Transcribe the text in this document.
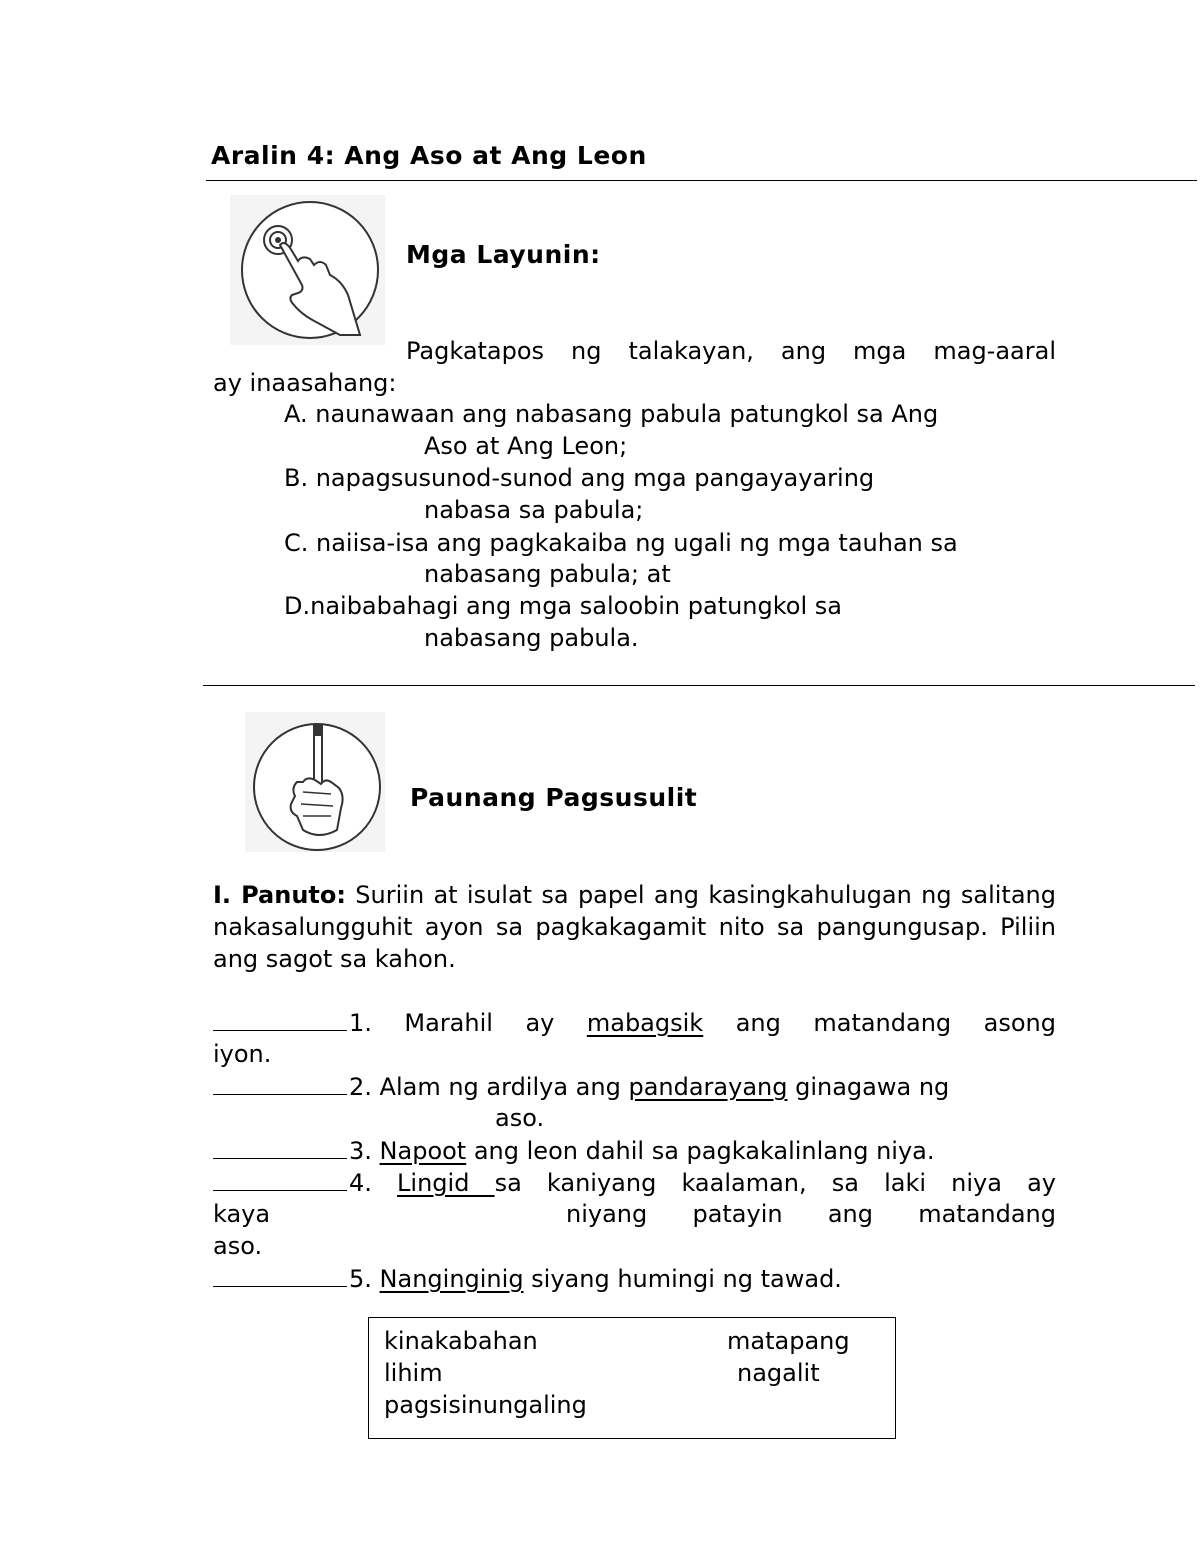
Aralin 4: Ang Aso at Ang Leon
Mga Layunin:
Pagkatapos ng talakayan, ang mga mag-aaral
ay inaasahang:
A. naunawaan ang nabasang pabula patungkol sa Ang
Aso at Ang Leon;
B. napagsusunod-sunod ang mga pangayayaring
nabasa sa pabula;
C. naiisa-isa ang pagkakaiba ng ugali ng mga tauhan sa
nabasang pabula; at
D.naibabahagi ang mga saloobin patungkol sa
nabasang pabula.
Paunang Pagsusulit
I. Panuto: Suriin at isulat sa papel ang kasingkahulugan ng salitang nakasalungguhit ayon sa pagkakagamit nito sa pangungusap. Piliin ang sagot sa kahon.
1. Marahil ay mabagsik ang matandang asong
iyon.
2. Alam ng ardilya ang pandarayang ginagawa ng
aso.
3. Napoot ang leon dahil sa pagkakalinlang niya.
4. Lingid sa kaniyang kaalaman, sa laki niya ay
kaya	niyang patayin ang matandang
aso.
5. Nanginginig siyang humingi ng tawad.
kinakabahan	matapang
lihim	nagalit
pagsisinungaling
